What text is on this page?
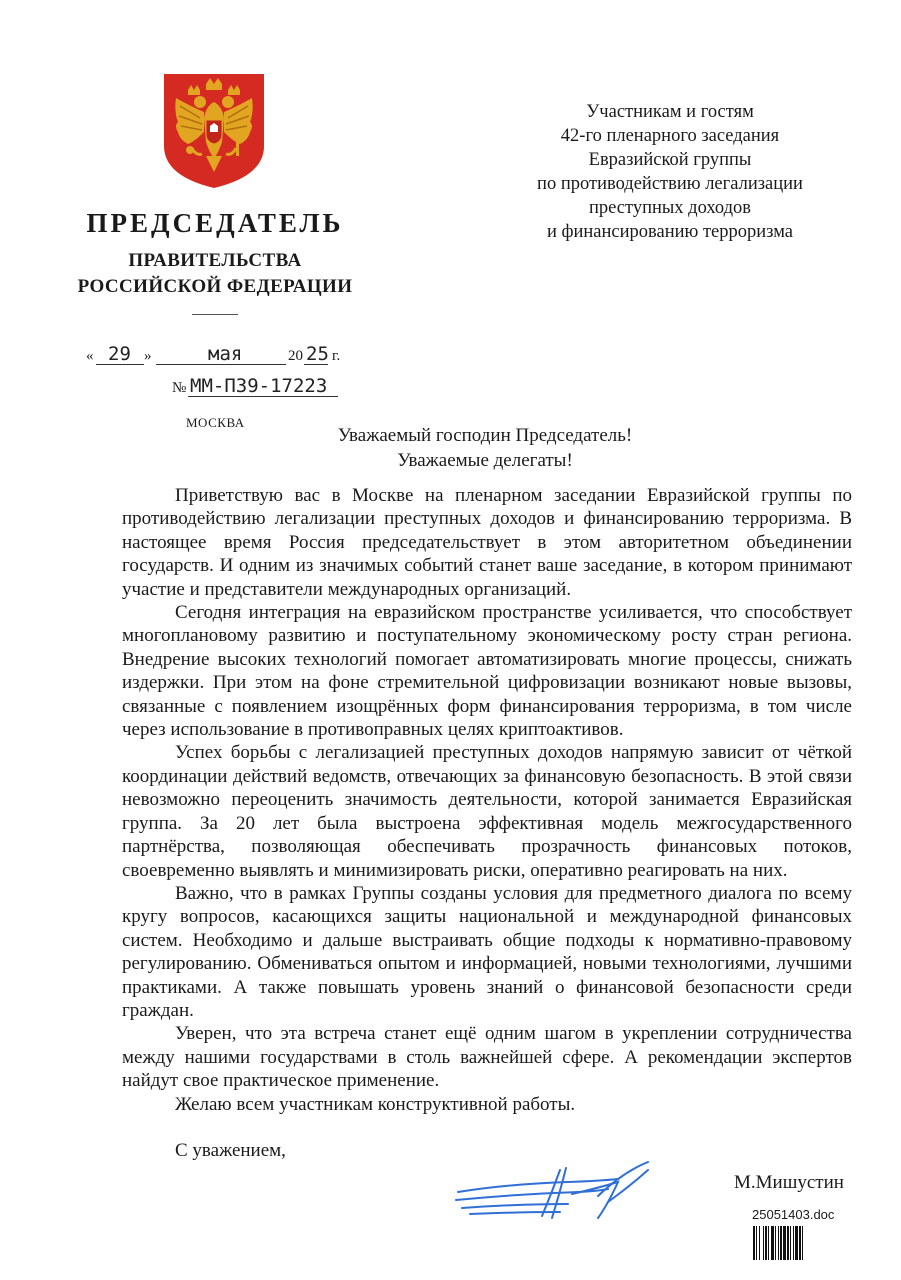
ПРЕДСЕДАТЕЛЬ
ПРАВИТЕЛЬСТВА
РОССИЙСКОЙ ФЕДЕРАЦИИ
« 29 »	мая	20 25 г.
№ ММ-П39-17223
МОСКВА
Участникам и гостям
42-го пленарного заседания
Евразийской группы
по противодействию легализации
преступных доходов
и финансированию терроризма
Уважаемый господин Председатель!
Уважаемые делегаты!

Приветствую вас в Москве на пленарном заседании Евразийской группы по противодействию легализации преступных доходов и финансированию терроризма. В настоящее время Россия председательствует в этом авторитетном объединении государств. И одним из значимых событий станет ваше заседание, в котором принимают участие и представители международных организаций.

Сегодня интеграция на евразийском пространстве усиливается, что способствует многоплановому развитию и поступательному экономическому росту стран региона. Внедрение высоких технологий помогает автоматизировать многие процессы, снижать издержки. При этом на фоне стремительной цифровизации возникают новые вызовы, связанные с появлением изощрённых форм финансирования терроризма, в том числе через использование в противоправных целях криптоактивов.

Успех борьбы с легализацией преступных доходов напрямую зависит от чёткой координации действий ведомств, отвечающих за финансовую безопасность. В этой связи невозможно переоценить значимость деятельности, которой занимается Евразийская группа. За 20 лет была выстроена эффективная модель межгосударственного партнёрства, позволяющая обеспечивать прозрачность финансовых потоков, своевременно выявлять и минимизировать риски, оперативно реагировать на них.

Важно, что в рамках Группы созданы условия для предметного диалога по всему кругу вопросов, касающихся защиты национальной и международной финансовых систем. Необходимо и дальше выстраивать общие подходы к нормативно-правовому регулированию. Обмениваться опытом и информацией, новыми технологиями, лучшими практиками. А также повышать уровень знаний о финансовой безопасности среди граждан.

Уверен, что эта встреча станет ещё одним шагом в укреплении сотрудничества между нашими государствами в столь важнейшей сфере. А рекомендации экспертов найдут свое практическое применение.

Желаю всем участникам конструктивной работы.

С уважением,
М.Мишустин
25051403.doc
